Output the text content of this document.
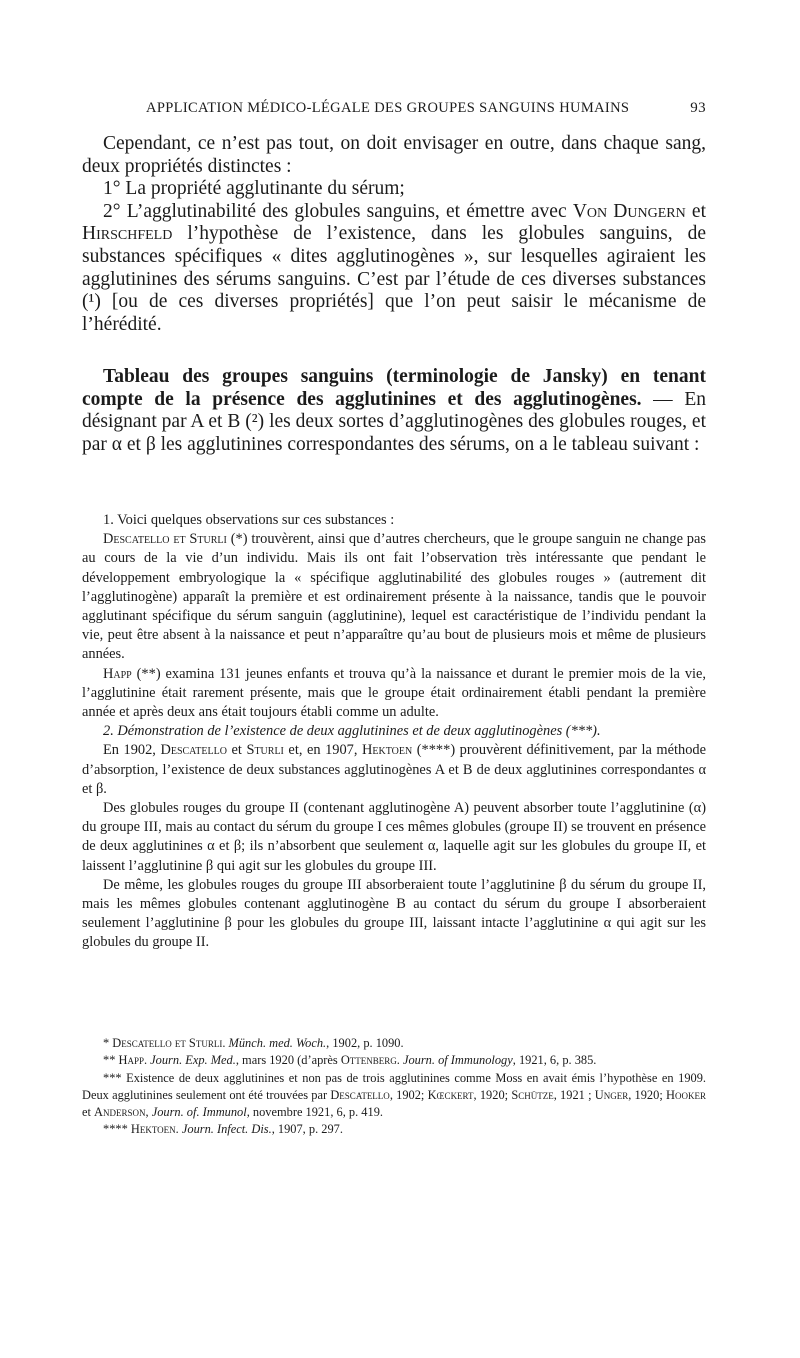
APPLICATION MÉDICO-LÉGALE DES GROUPES SANGUINS HUMAINS	93

Cependant, ce n’est pas tout, on doit envisager en outre, dans chaque sang, deux propriétés distinctes :

1° La propriété agglutinante du sérum;

2° L’agglutinabilité des globules sanguins, et émettre avec Von Dungern et Hirschfeld l’hypothèse de l’existence, dans les globules sanguins, de substances spécifiques « dites agglutinogènes », sur lesquelles agiraient les agglutinines des sérums sanguins. C’est par l’étude de ces diverses substances (¹) [ou de ces diverses propriétés] que l’on peut saisir le mécanisme de l’hérédité.

Tableau des groupes sanguins (terminologie de Jansky) en tenant compte de la présence des agglutinines et des agglutinogènes. — En désignant par A et B (²) les deux sortes d’agglutinogènes des globules rouges, et par α et β les agglutinines correspondantes des sérums, on a le tableau suivant :

1. Voici quelques observations sur ces substances :

Descatello et Sturli (*) trouvèrent, ainsi que d’autres chercheurs, que le groupe sanguin ne change pas au cours de la vie d’un individu. Mais ils ont fait l’observation très intéressante que pendant le développement embryologique la « spécifique agglutinabilité des globules rouges » (autrement dit l’agglutinogène) apparaît la première et est ordinairement présente à la naissance, tandis que le pouvoir agglutinant spécifique du sérum sanguin (agglutinine), lequel est caractéristique de l’individu pendant la vie, peut être absent à la naissance et peut n’apparaître qu’au bout de plusieurs mois et même de plusieurs années.

Happ (**) examina 131 jeunes enfants et trouva qu’à la naissance et durant le premier mois de la vie, l’agglutinine était rarement présente, mais que le groupe était ordinairement établi pendant la première année et après deux ans était toujours établi comme un adulte.

2. Démonstration de l’existence de deux agglutinines et de deux agglutinogènes (***).

En 1902, Descatello et Sturli et, en 1907, Hektoen (****) prouvèrent définitivement, par la méthode d’absorption, l’existence de deux substances agglutinogènes A et B de deux agglutinines correspondantes α et β.

Des globules rouges du groupe II (contenant agglutinogène A) peuvent absorber toute l’agglutinine (α) du groupe III, mais au contact du sérum du groupe I ces mêmes globules (groupe II) se trouvent en présence de deux agglutinines α et β; ils n’absorbent que seulement α, laquelle agit sur les globules du groupe II, et laissent l’agglutinine β qui agit sur les globules du groupe III.

De même, les globules rouges du groupe III absorberaient toute l’agglutinine β du sérum du groupe II, mais les mêmes globules contenant agglutinogène B au contact du sérum du groupe I absorberaient seulement l’agglutinine β pour les globules du groupe III, laissant intacte l’agglutinine α qui agit sur les globules du groupe II.

* Descatello et Sturli. Münch. med. Woch., 1902, p. 1090.

** Happ. Journ. Exp. Med., mars 1920 (d’après Ottenberg. Journ. of Immunology, 1921, 6, p. 385.

*** Existence de deux agglutinines et non pas de trois agglutinines comme Moss en avait émis l’hypothèse en 1909. Deux agglutinines seulement ont été trouvées par Descatello, 1902; Kœckert, 1920; Schütze, 1921 ; Unger, 1920; Hooker et Anderson, Journ. of. Immunol, novembre 1921, 6, p. 419.

**** Hektoen. Journ. Infect. Dis., 1907, p. 297.
